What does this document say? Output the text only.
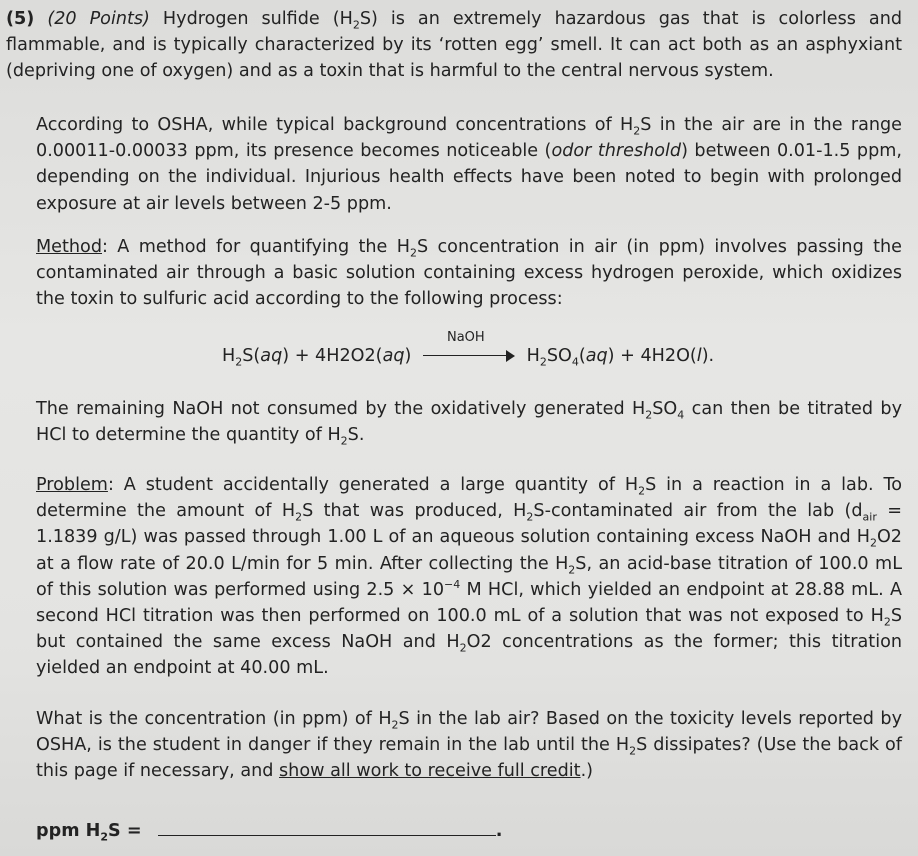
(5) (20 Points) Hydrogen sulfide $(H_2S)$ is an extremely hazardous gas that is colorless and flammable, and is typically characterized by its ‘rotten egg’ smell. It can act both as an asphyxiant (depriving one of oxygen) and as a toxin that is harmful to the central nervous system.
According to OSHA, while typical background concentrations of $H_2S$ in the air are in the range 0.00011-0.00033 ppm, its presence becomes noticeable (odor threshold) between 0.01-1.5 ppm, depending on the individual. Injurious health effects have been noted to begin with prolonged exposure at air levels between 2-5 ppm.
Method: A method for quantifying the $H_2S$ concentration in air (in ppm) involves passing the contaminated air through a basic solution containing excess hydrogen peroxide, which oxidizes the toxin to sulfuric acid according to the following process:
$H_2S(aq) + 4H2O2(aq)$
NaOH
$H_2SO_4(aq) + 4H2O(l)$.
The remaining NaOH not consumed by the oxidatively generated $H_2SO_4$ can then be titrated by HCl to determine the quantity of $H_2S$.
Problem: A student accidentally generated a large quantity of $H_2S$ in a reaction in a lab. To determine the amount of $H_2S$ that was produced, $H_2S$-contaminated air from the lab ($d_{air} = 1.1839$ g/L) was passed through 1.00 L of an aqueous solution containing excess NaOH and $H_2O2$ at a flow rate of 20.0 L/min for 5 min. After collecting the $H_2S$, an acid-base titration of 100.0 mL of this solution was performed using $2.5 \times 10^{-4}$ M HCl, which yielded an endpoint at 28.88 mL. A second HCl titration was then performed on 100.0 mL of a solution that was not exposed to $H_2S$ but contained the same excess NaOH and $H_2O2$ concentrations as the former; this titration yielded an endpoint at 40.00 mL.
What is the concentration (in ppm) of $H_2S$ in the lab air? Based on the toxicity levels reported by OSHA, is the student in danger if they remain in the lab until the $H_2S$ dissipates? (Use the back of this page if necessary, and show all work to receive full credit.)
ppm $H_2S$ =	.
